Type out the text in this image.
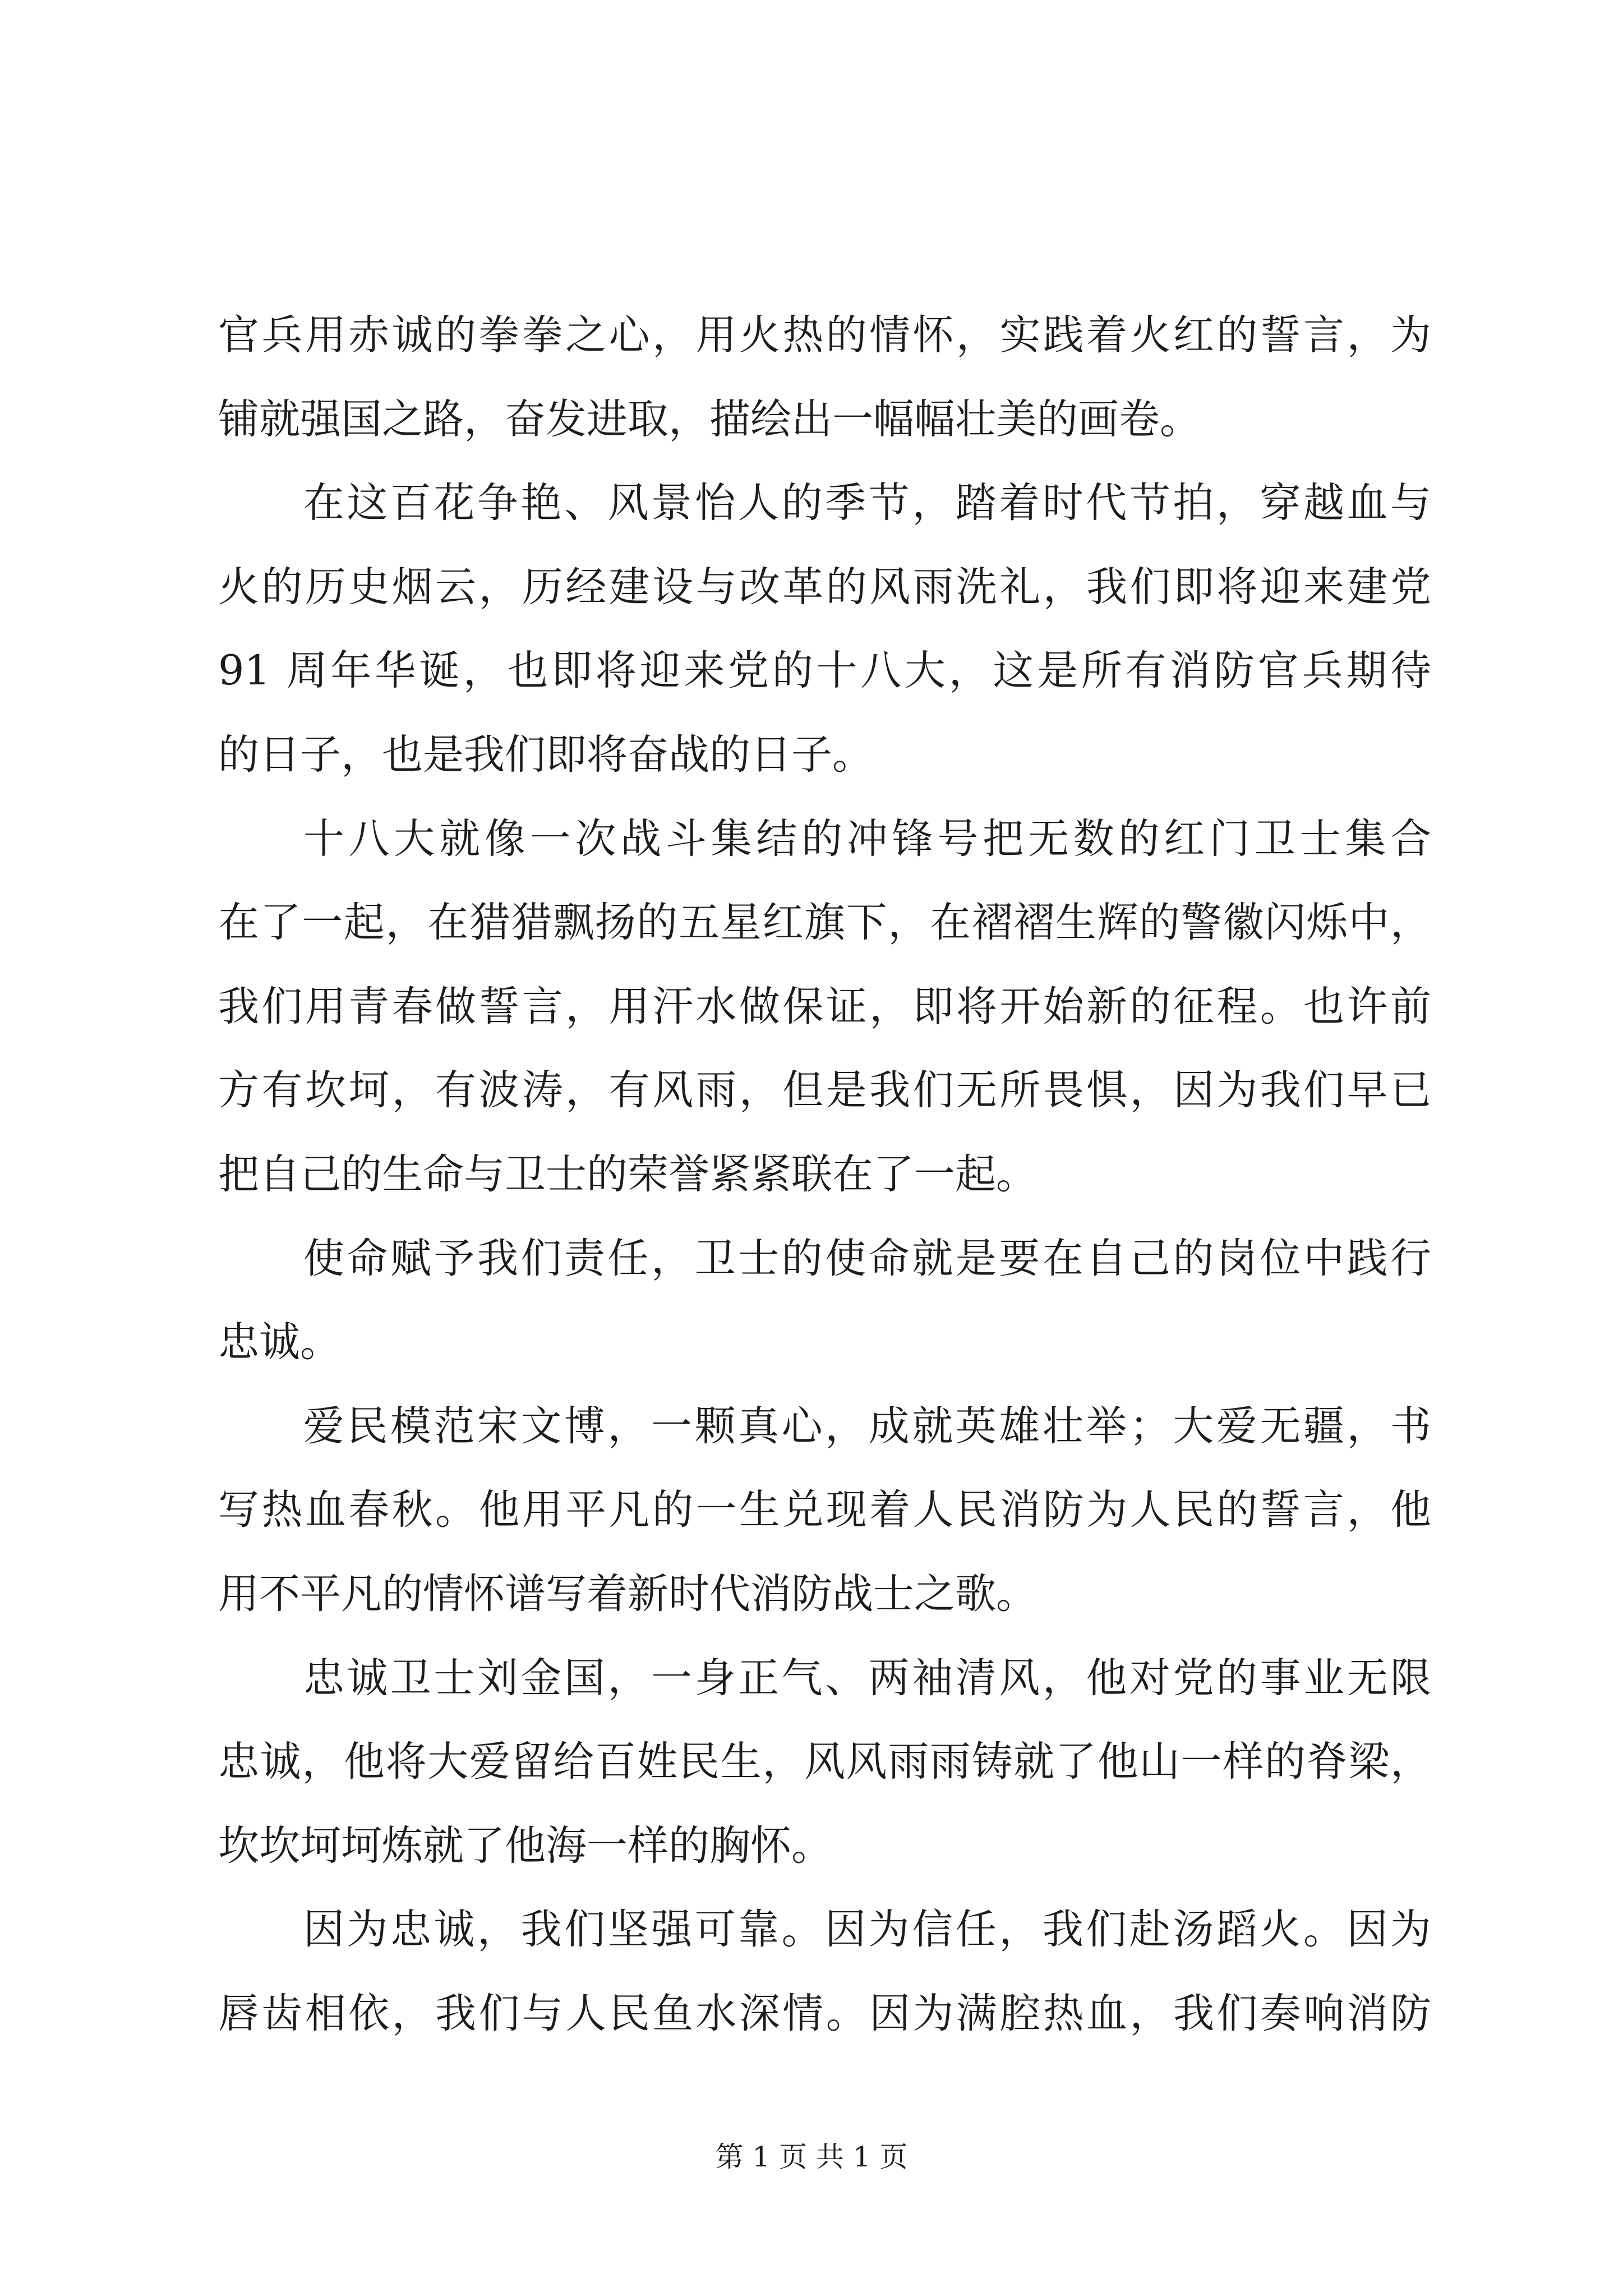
官兵用赤诚的拳拳之心，用火热的情怀，实践着火红的誓言，为
铺就强国之路，奋发进取，描绘出一幅幅壮美的画卷。
在这百花争艳、风景怡人的季节，踏着时代节拍，穿越血与
火的历史烟云，历经建设与改革的风雨洗礼，我们即将迎来建党
91 周年华诞，也即将迎来党的十八大，这是所有消防官兵期待
的日子，也是我们即将奋战的日子。
十八大就像一次战斗集结的冲锋号把无数的红门卫士集合
在了一起，在猎猎飘扬的五星红旗下，在褶褶生辉的警徽闪烁中，
我们用青春做誓言，用汗水做保证，即将开始新的征程。也许前
方有坎坷，有波涛，有风雨，但是我们无所畏惧，因为我们早已
把自己的生命与卫士的荣誉紧紧联在了一起。
使命赋予我们责任，卫士的使命就是要在自己的岗位中践行
忠诚。
爱民模范宋文博，一颗真心，成就英雄壮举；大爱无疆，书
写热血春秋。他用平凡的一生兑现着人民消防为人民的誓言，他
用不平凡的情怀谱写着新时代消防战士之歌。
忠诚卫士刘金国，一身正气、两袖清风，他对党的事业无限
忠诚，他将大爱留给百姓民生，风风雨雨铸就了他山一样的脊梁，
坎坎坷坷炼就了他海一样的胸怀。
因为忠诚，我们坚强可靠。因为信任，我们赴汤蹈火。因为
唇齿相依，我们与人民鱼水深情。因为满腔热血，我们奏响消防
第 1 页 共 1 页
